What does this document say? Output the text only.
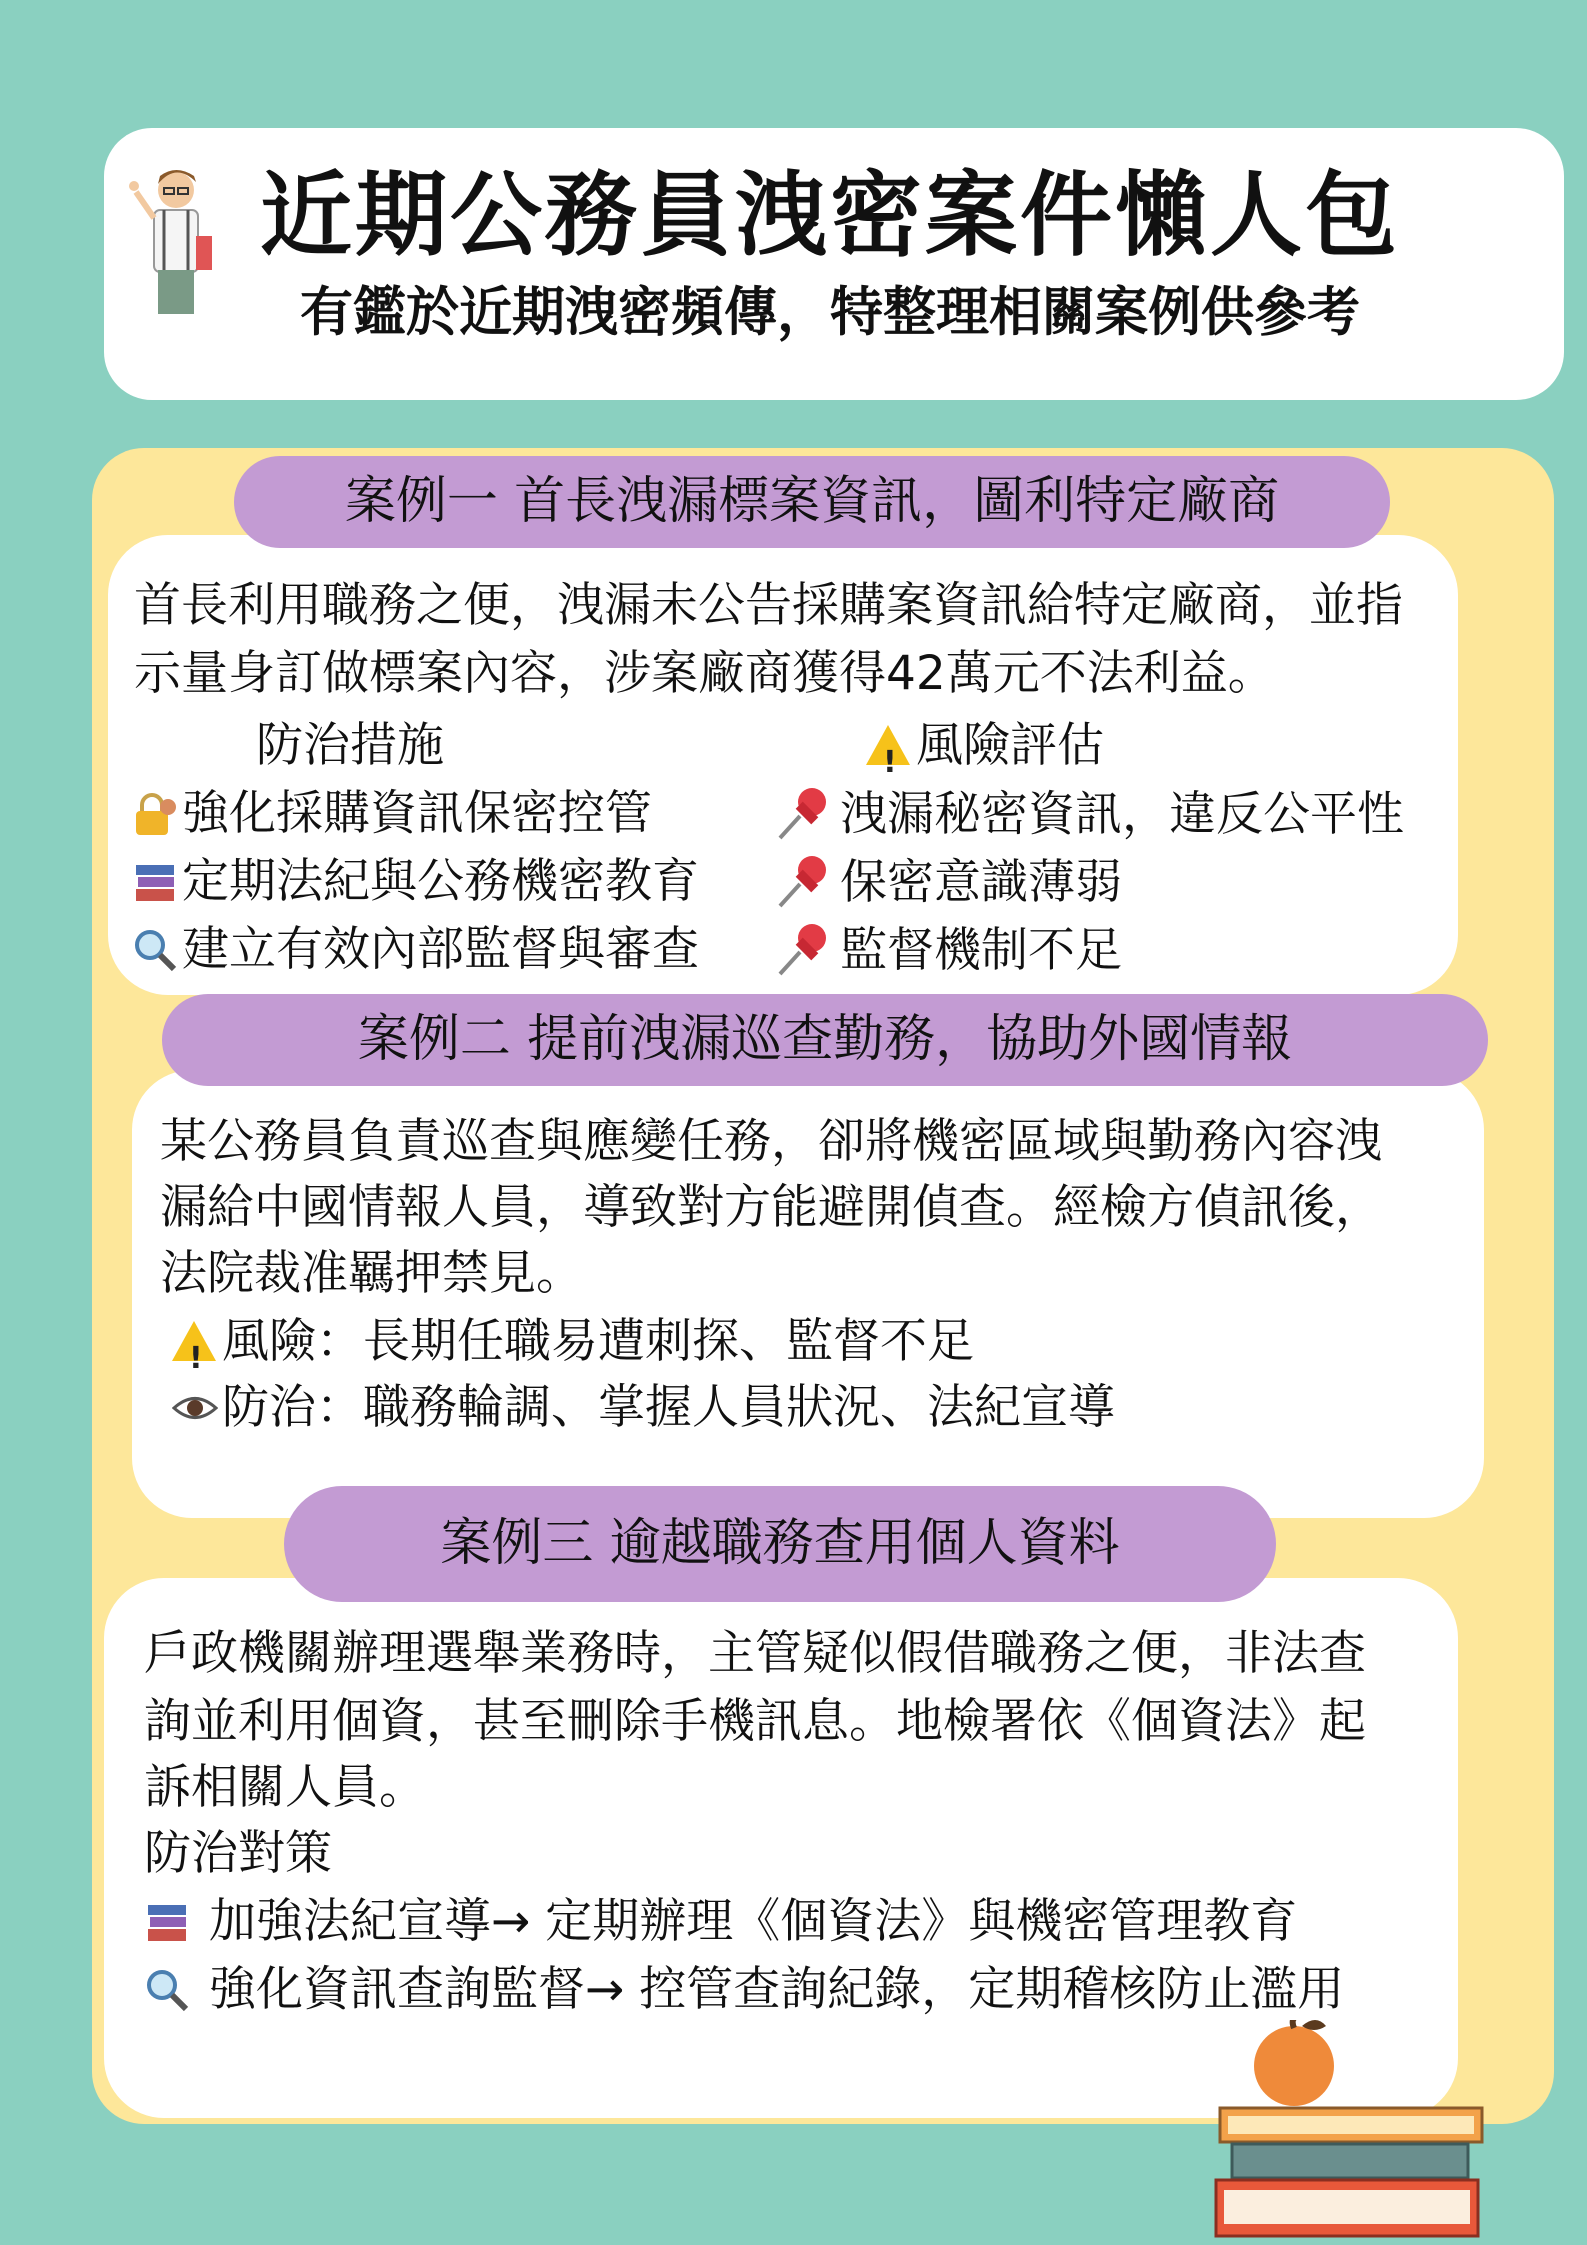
近期公務員洩密案件懶人包
有鑑於近期洩密頻傳，特整理相關案例供參考
案例一 首長洩漏標案資訊，圖利特定廠商
首長利用職務之便，洩漏未公告採購案資訊給特定廠商，並指
示量身訂做標案內容，涉案廠商獲得42萬元不法利益。
防治措施
!	風險評估
強化採購資訊保密控管
定期法紀與公務機密教育
建立有效內部監督與審查
洩漏秘密資訊，違反公平性
保密意識薄弱
監督機制不足
案例二 提前洩漏巡查勤務，協助外國情報
某公務員負責巡查與應變任務，卻將機密區域與勤務內容洩
漏給中國情報人員，導致對方能避開偵查。經檢方偵訊後，
法院裁准羈押禁見。
!風險：長期任職易遭刺探、監督不足
防治：職務輪調、掌握人員狀況、法紀宣導
案例三 逾越職務查用個人資料
戶政機關辦理選舉業務時，主管疑似假借職務之便，非法查
詢並利用個資，甚至刪除手機訊息。地檢署依《個資法》起
訴相關人員。
防治對策
加強法紀宣導→ 定期辦理《個資法》與機密管理教育
強化資訊查詢監督→ 控管查詢紀錄，定期稽核防止濫用
